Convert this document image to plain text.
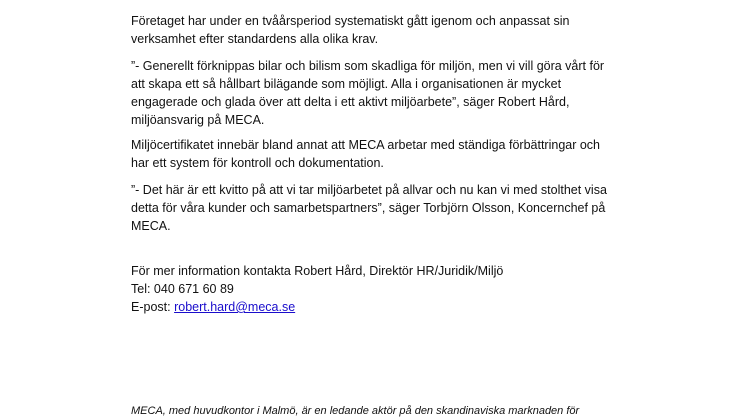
Företaget har under en tvåårsperiod systematiskt gått igenom och anpassat sin
verksamhet efter standardens alla olika krav.

”- Generellt förknippas bilar och bilism som skadliga för miljön, men vi vill göra vårt för
att skapa ett så hållbart bilägande som möjligt. Alla i organisationen är mycket
engagerade och glada över att delta i ett aktivt miljöarbete”, säger Robert Hård,
miljöansvarig på MECA.

Miljöcertifikatet innebär bland annat att MECA arbetar med ständiga förbättringar och
har ett system för kontroll och dokumentation.

”- Det här är ett kvitto på att vi tar miljöarbetet på allvar och nu kan vi med stolthet visa
detta för våra kunder och samarbetspartners”, säger Torbjörn Olsson, Koncernchef på
MECA.

För mer information kontakta Robert Hård, Direktör HR/Juridik/Miljö
Tel: 040 671 60 89
E-post: robert.hard@meca.se

MECA, med huvudkontor i Malmö, är en ledande aktör på den skandinaviska marknaden för
